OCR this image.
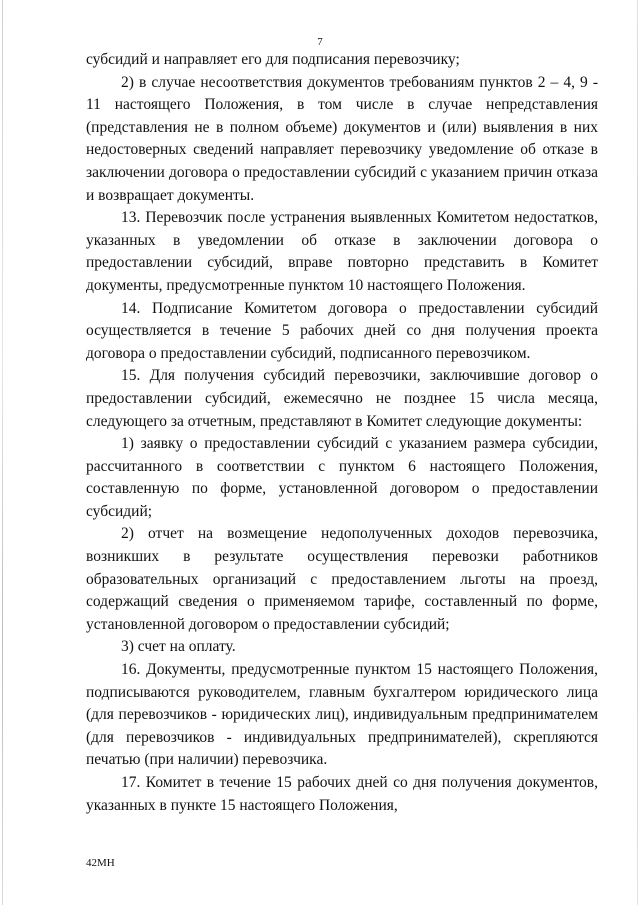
7

субсидий и направляет его для подписания перевозчику;

2) в случае несоответствия документов требованиям пунктов 2 – 4, 9 - 11 настоящего Положения, в том числе в случае непредставления (представления не в полном объеме) документов и (или) выявления в них недостоверных сведений направляет перевозчику уведомление об отказе в заключении договора о предоставлении субсидий с указанием причин отказа и возвращает документы.

13. Перевозчик после устранения выявленных Комитетом недостатков, указанных в уведомлении об отказе в заключении договора о предоставлении субсидий, вправе повторно представить в Комитет документы, предусмотренные пунктом 10 настоящего Положения.

14. Подписание Комитетом договора о предоставлении субсидий осуществляется в течение 5 рабочих дней со дня получения проекта договора о предоставлении субсидий, подписанного перевозчиком.

15. Для получения субсидий перевозчики, заключившие договор о предоставлении субсидий, ежемесячно не позднее 15 числа месяца, следующего за отчетным, представляют в Комитет следующие документы:

1) заявку о предоставлении субсидий с указанием размера субсидии, рассчитанного в соответствии с пунктом 6 настоящего Положения, составленную по форме, установленной договором о предоставлении субсидий;

2) отчет на возмещение недополученных доходов перевозчика, возникших в результате осуществления перевозки работников образовательных организаций с предоставлением льготы на проезд, содержащий сведения о применяемом тарифе, составленный по форме, установленной договором о предоставлении субсидий;

3) счет на оплату.

16. Документы, предусмотренные пунктом 15 настоящего Положения, подписываются руководителем, главным бухгалтером юридического лица (для перевозчиков - юридических лиц), индивидуальным предпринимателем (для перевозчиков - индивидуальных предпринимателей), скрепляются печатью (при наличии) перевозчика.

17. Комитет в течение 15 рабочих дней со дня получения документов, указанных в пункте 15 настоящего Положения,

42МН
